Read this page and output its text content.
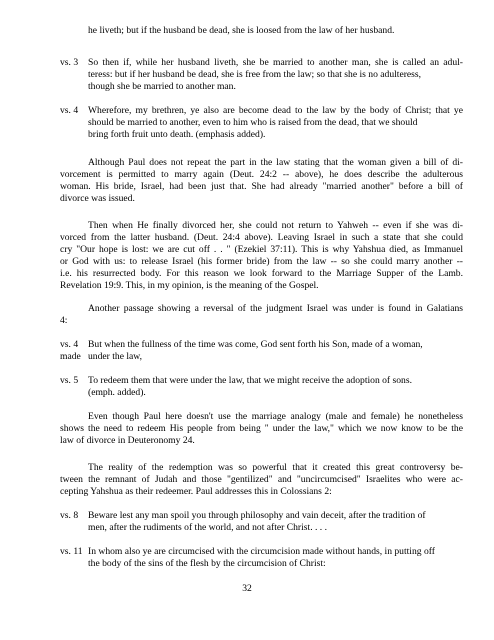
he liveth; but if the husband be dead, she is loosed from the law of her husband.

vs. 3 So then if, while her husband liveth, she be married to another man, she is called an adul-

teress: but if her husband be dead, she is free from the law; so that she is no adulteress,

though she be married to another man.

vs. 4 Wherefore, my brethren, ye also are become dead to the law by the body of Christ; that ye

should be married to another, even to him who is raised from the dead, that we should

bring forth fruit unto death. (emphasis added).

Although Paul does not repeat the part in the law stating that the woman given a bill of di-

vorcement is permitted to marry again (Deut. 24:2 -- above), he does describe the adulterous

woman. His bride, Israel, had been just that. She had already "married another" before a bill of

divorce was issued.

Then when He finally divorced her, she could not return to Yahweh -- even if she was di-

vorced from the latter husband. (Deut. 24:4 above). Leaving Israel in such a state that she could

cry "Our hope is lost: we are cut off . . " (Ezekiel 37:11). This is why Yahshua died, as Immanuel

or God with us: to release Israel (his former bride) from the law -- so she could marry another --

i.e. his resurrected body. For this reason we look forward to the Marriage Supper of the Lamb.

Revelation 19:9. This, in my opinion, is the meaning of the Gospel.

Another passage showing a reversal of the judgment Israel was under is found in Galatians

4:

vs. 4 But when the fullness of the time was come, God sent forth his Son, made of a woman,

made under the law,

vs. 5 To redeem them that were under the law, that we might receive the adoption of sons.

(emph. added).

Even though Paul here doesn't use the marriage analogy (male and female) he nonetheless

shows the need to redeem His people from being " under the law," which we now know to be the

law of divorce in Deuteronomy 24.

The reality of the redemption was so powerful that it created this great controversy be-

tween the remnant of Judah and those "gentilized" and "uncircumcised" Israelites who were ac-

cepting Yahshua as their redeemer. Paul addresses this in Colossians 2:

vs. 8 Beware lest any man spoil you through philosophy and vain deceit, after the tradition of

men, after the rudiments of the world, and not after Christ. . . .

vs. 11 In whom also ye are circumcised with the circumcision made without hands, in putting off

the body of the sins of the flesh by the circumcision of Christ:

32
